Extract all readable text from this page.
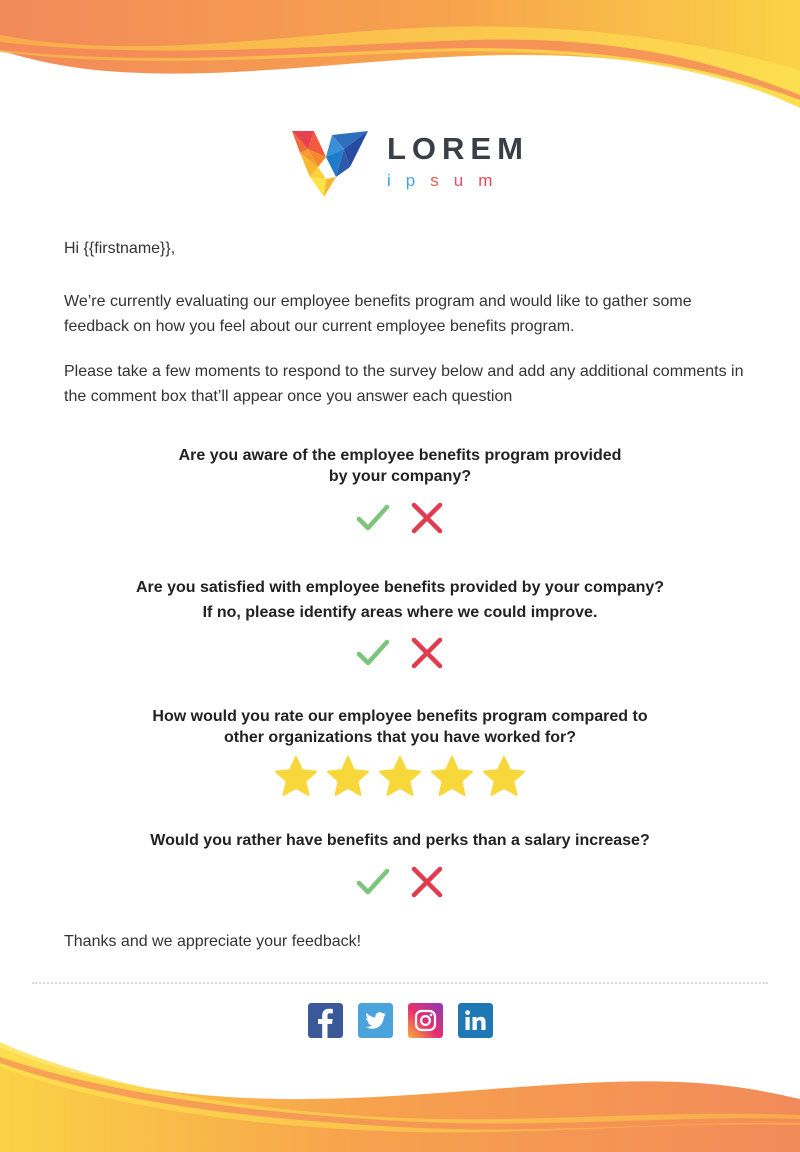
LOREM
ipsum
Hi {{firstname}},

We’re currently evaluating our employee benefits program and would like to gather some feedback on how you feel about our current employee benefits program.

Please take a few moments to respond to the survey below and add any additional comments in the comment box that’ll appear once you answer each question

Are you aware of the employee benefits program provided
by your company?

Are you satisfied with employee benefits provided by your company?
If no, please identify areas where we could improve.

How would you rate our employee benefits program compared to
other organizations that you have worked for?

Would you rather have benefits and perks than a salary increase?

Thanks and we appreciate your feedback!
